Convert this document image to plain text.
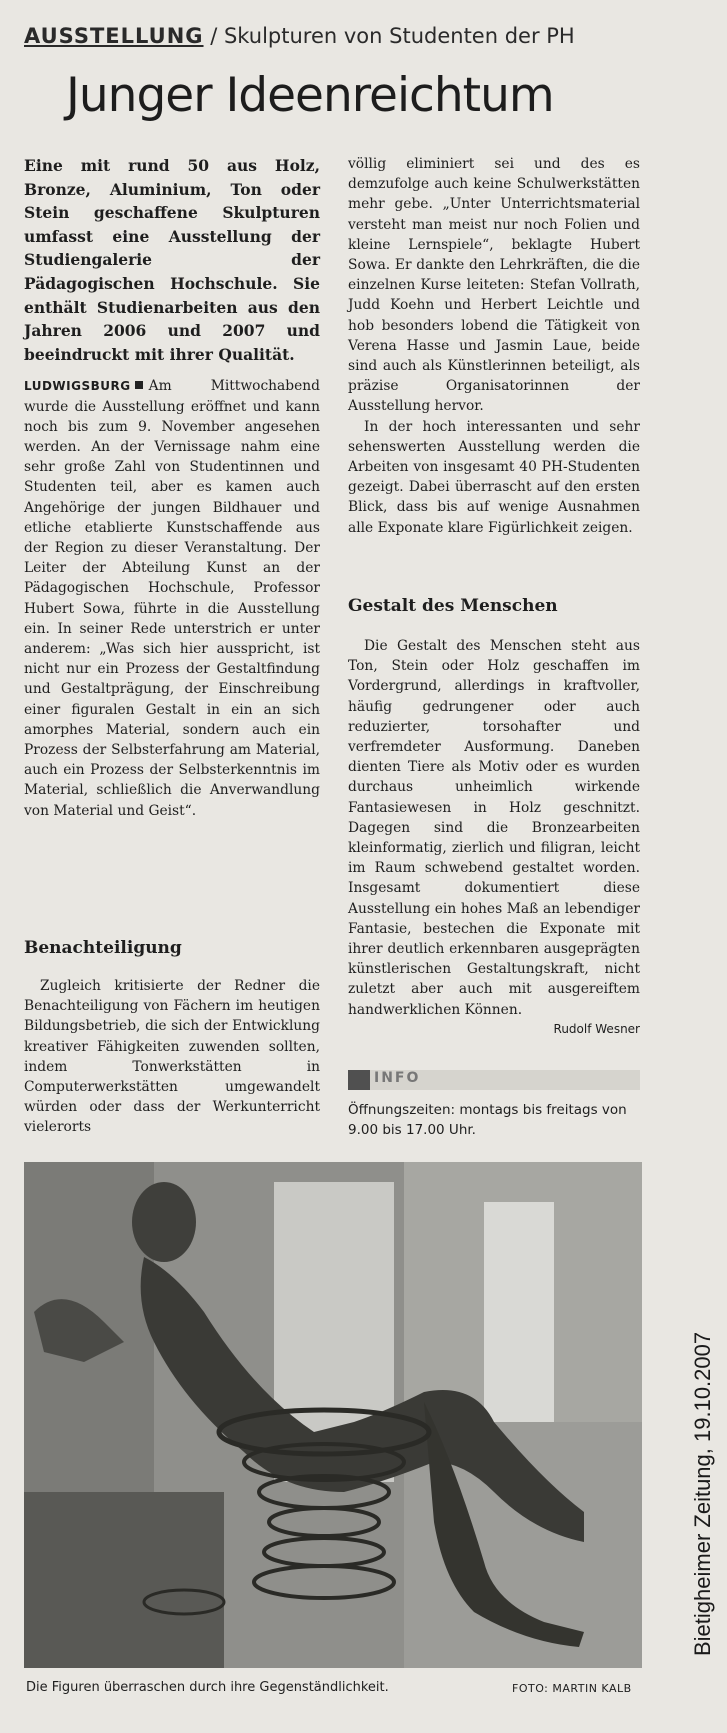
AUSSTELLUNG / Skulpturen von Studenten der PH
Junger Ideenreichtum

Eine mit rund 50 aus Holz, Bronze, Aluminium, Ton oder Stein geschaffene Skulpturen umfasst eine Ausstellung der Studiengalerie der Pädagogischen Hochschule. Sie enthält Studienarbeiten aus den Jahren 2006 und 2007 und beeindruckt mit ihrer Qualität.

LUDWIGSBURG Am Mittwochabend wurde die Ausstellung eröffnet und kann noch bis zum 9. November angesehen werden. An der Vernissage nahm eine sehr große Zahl von Studentinnen und Studenten teil, aber es kamen auch Angehörige der jungen Bildhauer und etliche etablierte Kunstschaffende aus der Region zu dieser Veranstaltung. Der Leiter der Abteilung Kunst an der Pädagogischen Hochschule, Professor Hubert Sowa, führte in die Ausstellung ein. In seiner Rede unterstrich er unter anderem: „Was sich hier ausspricht, ist nicht nur ein Prozess der Gestaltfindung und Gestaltprägung, der Einschreibung einer figuralen Gestalt in ein an sich amorphes Material, sondern auch ein Prozess der Selbsterfahrung am Material, auch ein Prozess der Selbsterkenntnis im Material, schließlich die Anverwandlung von Material und Geist“.

Benachteiligung

Zugleich kritisierte der Redner die Benachteiligung von Fächern im heutigen Bildungsbetrieb, die sich der Entwicklung kreativer Fähigkeiten zuwenden sollten, indem Tonwerkstätten in Computerwerkstätten umgewandelt würden oder dass der Werkunterricht vielerorts

völlig eliminiert sei und des es demzufolge auch keine Schulwerkstätten mehr gebe. „Unter Unterrichtsmaterial versteht man meist nur noch Folien und kleine Lernspiele“, beklagte Hubert Sowa. Er dankte den Lehrkräften, die die einzelnen Kurse leiteten: Stefan Vollrath, Judd Koehn und Herbert Leichtle und hob besonders lobend die Tätigkeit von Verena Hasse und Jasmin Laue, beide sind auch als Künstlerinnen beteiligt, als präzise Organisatorinnen der Ausstellung hervor.

In der hoch interessanten und sehr sehenswerten Ausstellung werden die Arbeiten von insgesamt 40 PH-Studenten gezeigt. Dabei überrascht auf den ersten Blick, dass bis auf wenige Ausnahmen alle Exponate klare Figürlichkeit zeigen.

Gestalt des Menschen

Die Gestalt des Menschen steht aus Ton, Stein oder Holz geschaffen im Vordergrund, allerdings in kraftvoller, häufig gedrungener oder auch reduzierter, torsohafter und verfremdeter Ausformung. Daneben dienten Tiere als Motiv oder es wurden durchaus unheimlich wirkende Fantasiewesen in Holz geschnitzt. Dagegen sind die Bronzearbeiten kleinformatig, zierlich und filigran, leicht im Raum schwebend gestaltet worden. Insgesamt dokumentiert diese Ausstellung ein hohes Maß an lebendiger Fantasie, bestechen die Exponate mit ihrer deutlich erkennbaren ausgeprägten künstlerischen Gestaltungskraft, nicht zuletzt aber auch mit ausgereiftem handwerklichen Können.

Rudolf Wesner

INFO
Öffnungszeiten: montags bis freitags von 9.00 bis 17.00 Uhr.
Die Figuren überraschen durch ihre Gegenständlichkeit.	FOTO: MARTIN KALB
Bietigheimer Zeitung, 19.10.2007
